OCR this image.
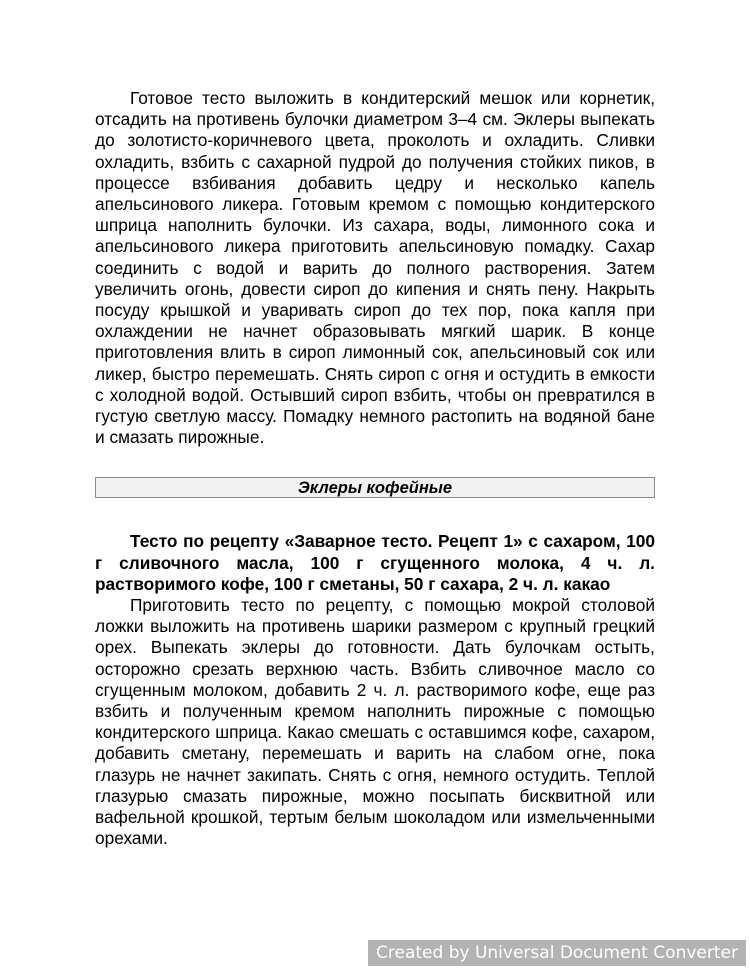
Готовое тесто выложить в кондитерский мешок или корнетик, отсадить на противень булочки диаметром 3–4 см. Эклеры выпекать до золотисто-коричневого цвета, проколоть и охладить. Сливки охладить, взбить с сахарной пудрой до получения стойких пиков, в процессе взбивания добавить цедру и несколько капель апельсинового ликера. Готовым кремом с помощью кондитерского шприца наполнить булочки. Из сахара, воды, лимонного сока и апельсинового ликера приготовить апельсиновую помадку. Сахар соединить с водой и варить до полного растворения. Затем увеличить огонь, довести сироп до кипения и снять пену. Накрыть посуду крышкой и уваривать сироп до тех пор, пока капля при охлаждении не начнет образовывать мягкий шарик. В конце приготовления влить в сироп лимонный сок, апельсиновый сок или ликер, быстро перемешать. Снять сироп с огня и остудить в емкости с холодной водой. Остывший сироп взбить, чтобы он превратился в густую светлую массу. Помадку немного растопить на водяной бане и смазать пирожные.

Эклеры кофейные

Тесто по рецепту «Заварное тесто. Рецепт 1» с сахаром, 100 г сливочного масла, 100 г сгущенного молока, 4 ч. л. растворимого кофе, 100 г сметаны, 50 г сахара, 2 ч. л. какао

Приготовить тесто по рецепту, с помощью мокрой столовой ложки выложить на противень шарики размером с крупный грецкий орех. Выпекать эклеры до готовности. Дать булочкам остыть, осторожно срезать верхнюю часть. Взбить сливочное масло со сгущенным молоком, добавить 2 ч. л. растворимого кофе, еще раз взбить и полученным кремом наполнить пирожные с помощью кондитерского шприца. Какао смешать с оставшимся кофе, сахаром, добавить сметану, перемешать и варить на слабом огне, пока глазурь не начнет закипать. Снять с огня, немного остудить. Теплой глазурью смазать пирожные, можно посыпать бисквитной или вафельной крошкой, тертым белым шоколадом или измельченными орехами.

Created by Universal Document Converter
